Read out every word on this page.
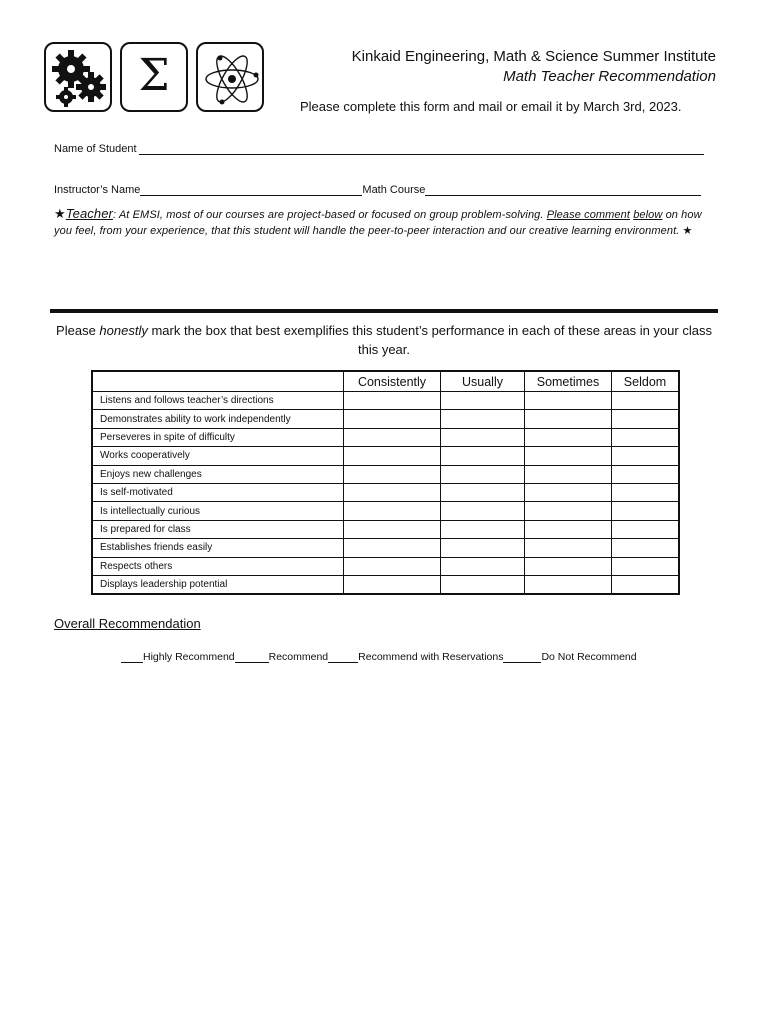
Σ	Kinkaid Engineering, Math & Science Summer Institute
Math Teacher Recommendation
Please complete this form and mail or email it by March 3rd, 2023.
Name of Student
Instructor’s Name	Math Course
★Teacher: At EMSI, most of our courses are project-based or focused on group problem-solving. Please comment below on how you feel, from your experience, that this student will handle the peer-to-peer interaction and our creative learning environment. ★
Please honestly mark the box that best exemplifies this student’s performance in each of these areas in your class this year.
	Consistently	Usually	Sometimes	Seldom
Listens and follows teacher’s directions				
Demonstrates ability to work independently				
Perseveres in spite of difficulty				
Works cooperatively				
Enjoys new challenges				
Is self-motivated				
Is intellectually curious				
Is prepared for class				
Establishes friends easily				
Respects others				
Displays leadership potential				
Overall Recommendation
Highly Recommend	Recommend	Recommend with Reservations	Do Not Recommend
